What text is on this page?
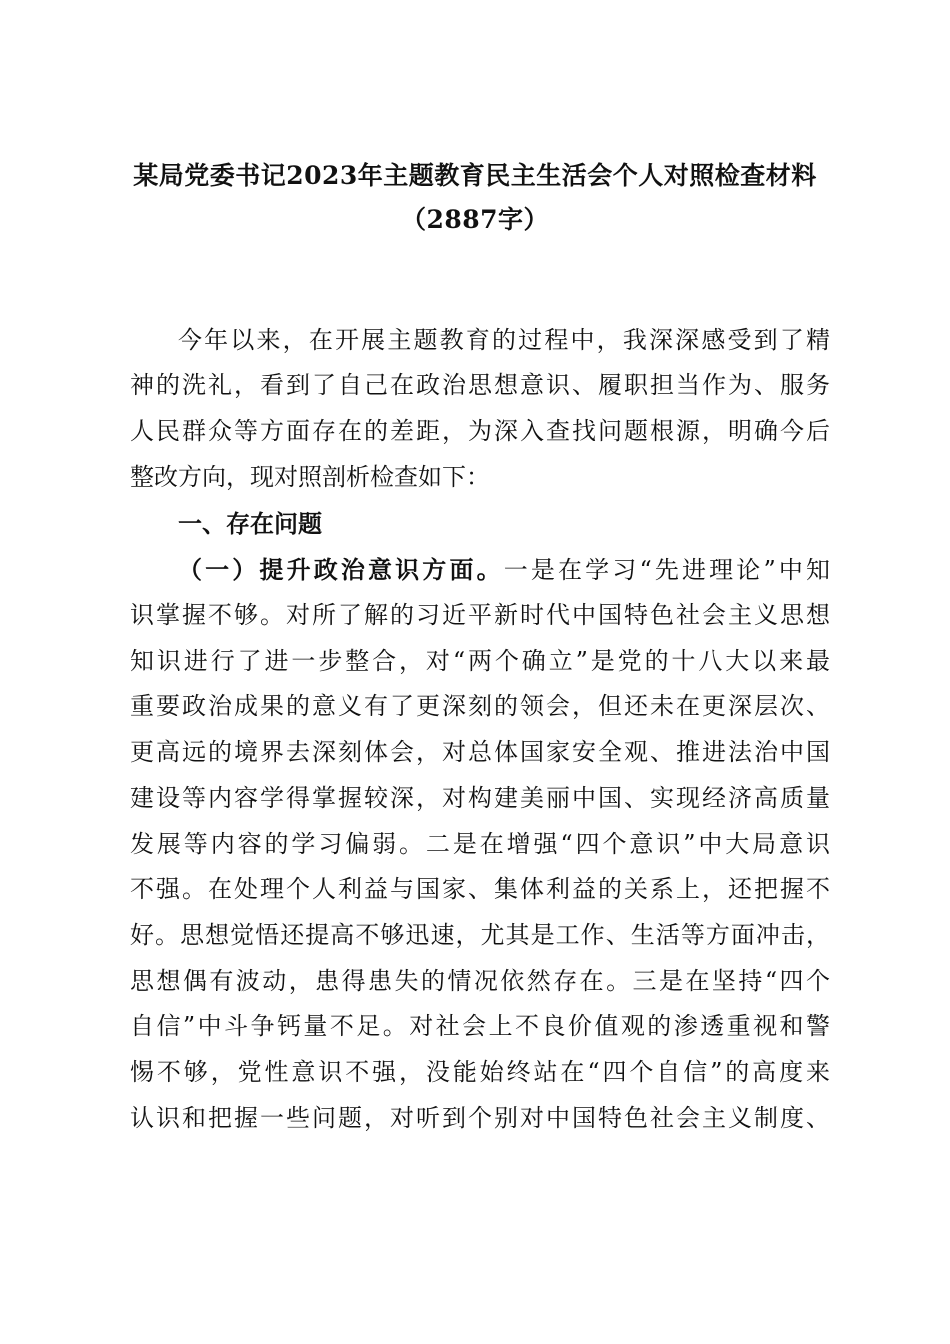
某局党委书记2023年主题教育民主生活会个人对照检查材料
（2887字）

今年以来，在开展主题教育的过程中，我深深感受到了精

神的洗礼，看到了自己在政治思想意识、履职担当作为、服务

人民群众等方面存在的差距，为深入查找问题根源，明确今后

整改方向，现对照剖析检查如下：

一、存在问题

（一）提升政治意识方面。一是在学习“先进理论”中知

识掌握不够。对所了解的习近平新时代中国特色社会主义思想

知识进行了进一步整合，对“两个确立”是党的十八大以来最

重要政治成果的意义有了更深刻的领会，但还未在更深层次、

更高远的境界去深刻体会，对总体国家安全观、推进法治中国

建设等内容学得掌握较深，对构建美丽中国、实现经济高质量

发展等内容的学习偏弱。二是在增强“四个意识”中大局意识

不强。在处理个人利益与国家、集体利益的关系上，还把握不

好。思想觉悟还提高不够迅速，尤其是工作、生活等方面冲击，

思想偶有波动，患得患失的情况依然存在。三是在坚持“四个

自信”中斗争钙量不足。对社会上不良价值观的渗透重视和警

惕不够，党性意识不强，没能始终站在“四个自信”的高度来

认识和把握一些问题，对听到个别对中国特色社会主义制度、
